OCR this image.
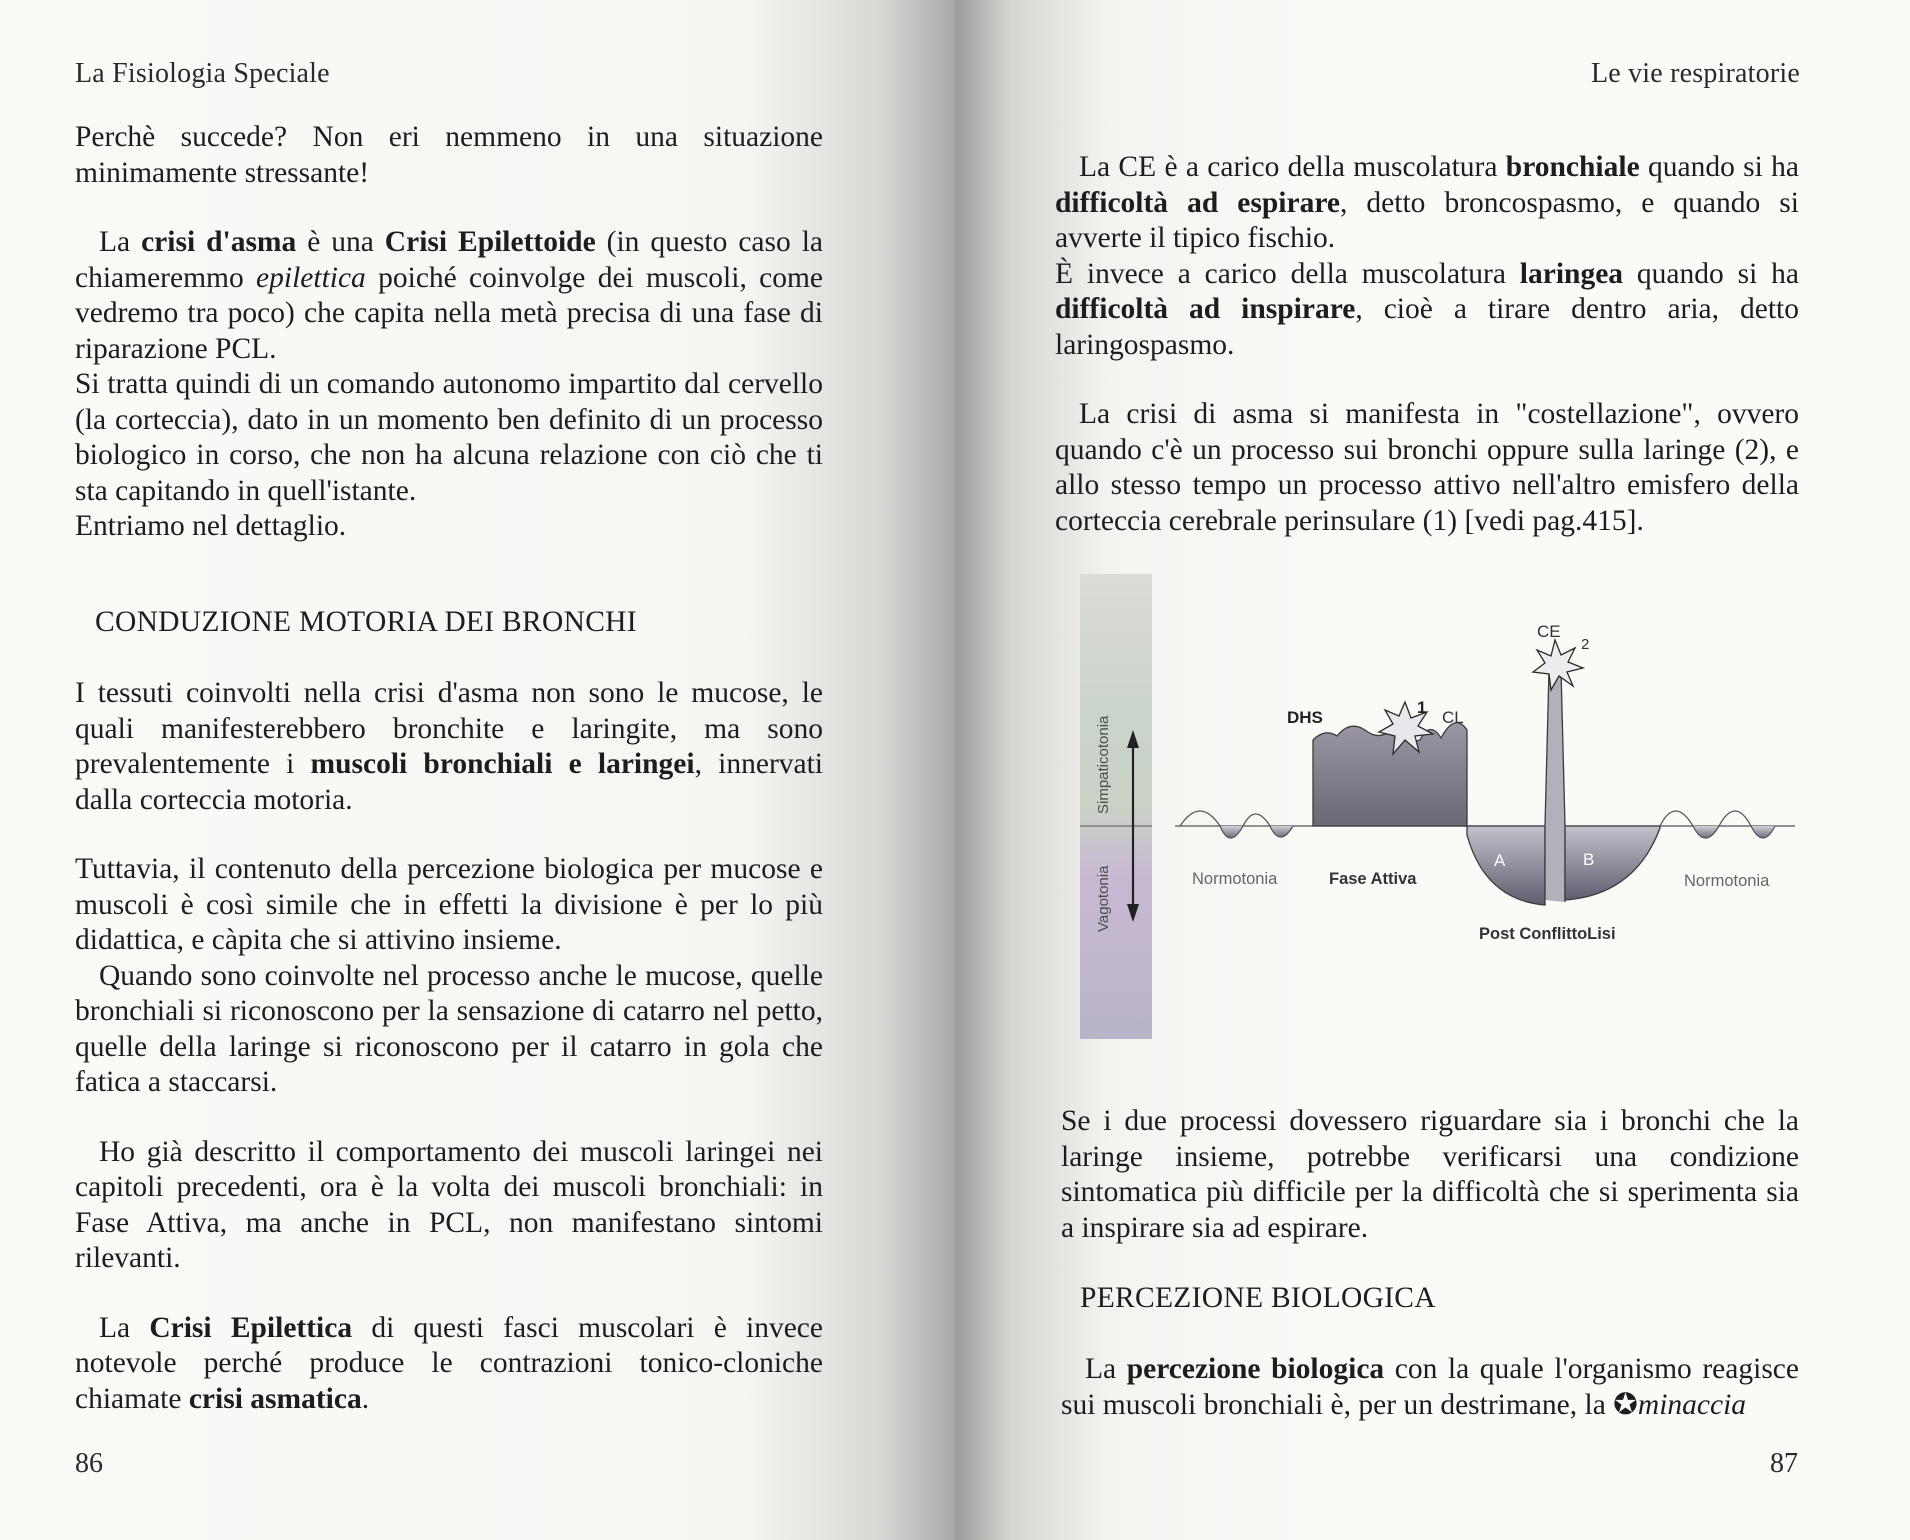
La Fisiologia Speciale

Perchè succede? Non eri nemmeno in una situazione minimamente stressante!

La crisi d'asma è una Crisi Epilettoide (in questo caso la chiameremmo epilettica poiché coinvolge dei muscoli, come vedremo tra poco) che capita nella metà precisa di una fase di riparazione PCL.

Si tratta quindi di un comando autonomo impartito dal cervello (la corteccia), dato in un momento ben definito di un processo biologico in corso, che non ha alcuna relazione con ciò che ti sta capitando in quell'istante.

Entriamo nel dettaglio.

CONDUZIONE MOTORIA DEI BRONCHI

I tessuti coinvolti nella crisi d'asma non sono le mucose, le quali manifesterebbero bronchite e laringite, ma sono prevalentemente i muscoli bronchiali e laringei, innervati dalla corteccia motoria.

Tuttavia, il contenuto della percezione biologica per mucose e muscoli è così simile che in effetti la divisione è per lo più didattica, e càpita che si attivino insieme.

Quando sono coinvolte nel processo anche le mucose, quelle bronchiali si riconoscono per la sensazione di catarro nel petto, quelle della laringe si riconoscono per il catarro in gola che fatica a staccarsi.

Ho già descritto il comportamento dei muscoli laringei nei capitoli precedenti, ora è la volta dei muscoli bronchiali: in Fase Attiva, ma anche in PCL, non manifestano sintomi rilevanti.

La Crisi Epilettica di questi fasci muscolari è invece notevole perché produce le contrazioni tonico-cloniche chiamate crisi asmatica.

86
Le vie respiratorie

La CE è a carico della muscolatura bronchiale quando si ha difficoltà ad espirare, detto broncospasmo, e quando si avverte il tipico fischio.

È invece a carico della muscolatura laringea quando si ha difficoltà ad inspirare, cioè a tirare dentro aria, detto laringospasmo.

La crisi di asma si manifesta in "costellazione", ovvero quando c'è un processo sui bronchi oppure sulla laringe (2), e allo stesso tempo un processo attivo nell'altro emisfero della corteccia cerebrale perinsulare (1) [vedi pag.415].

Se i due processi dovessero riguardare sia i bronchi che la laringe insieme, potrebbe verificarsi una condizione sintomatica più difficile per la difficoltà che si sperimenta sia a inspirare sia ad espirare.

PERCEZIONE BIOLOGICA

La percezione biologica con la quale l'organismo reagisce sui muscoli bronchiali è, per un destrimane, la ✪minaccia

87
Simpaticotonia
Vagotonia
DHS
1
CL
A
CE
2
B
Normotonia	Fase Attiva	Normotonia
Post ConflittoLisi
